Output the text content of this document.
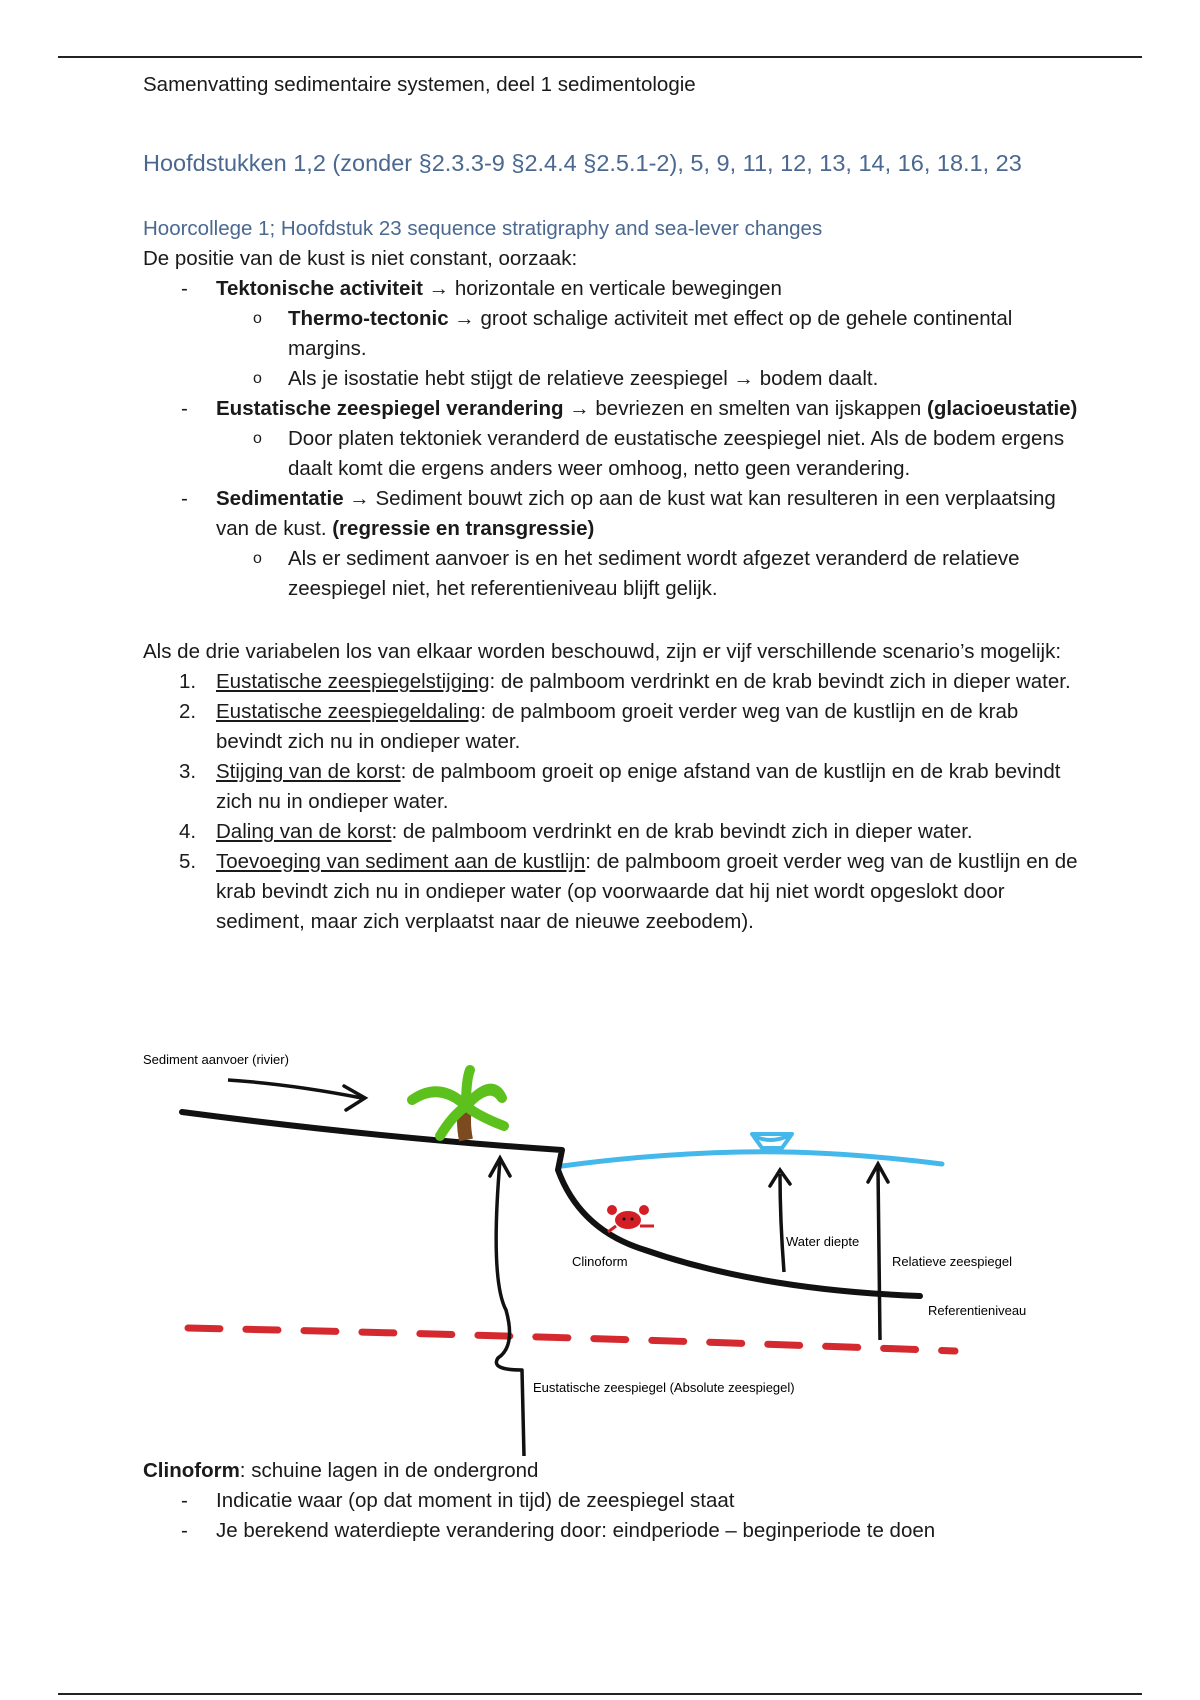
Samenvatting sedimentaire systemen, deel 1 sedimentologie

Hoofdstukken 1,2 (zonder §2.3.3-9 §2.4.4 §2.5.1-2), 5, 9, 11, 12, 13, 14, 16, 18.1, 23

Hoorcollege 1; Hoofdstuk 23 sequence stratigraphy and sea-lever changes

De positie van de kust is niet constant, oorzaak:

- Tektonische activiteit → horizontale en verticale bewegingen
o Thermo-tectonic → groot schalige activiteit met effect op de gehele continental margins.
o Als je isostatie hebt stijgt de relatieve zeespiegel → bodem daalt.
- Eustatische zeespiegel verandering → bevriezen en smelten van ijskappen (glacioeustatie)
o Door platen tektoniek veranderd de eustatische zeespiegel niet. Als de bodem ergens daalt komt die ergens anders weer omhoog, netto geen verandering.
- Sedimentatie → Sediment bouwt zich op aan de kust wat kan resulteren in een verplaatsing van de kust. (regressie en transgressie)
o Als er sediment aanvoer is en het sediment wordt afgezet veranderd de relatieve zeespiegel niet, het referentieniveau blijft gelijk.

Als de drie variabelen los van elkaar worden beschouwd, zijn er vijf verschillende scenario’s mogelijk:

1. Eustatische zeespiegelstijging: de palmboom verdrinkt en de krab bevindt zich in dieper water.
2. Eustatische zeespiegeldaling: de palmboom groeit verder weg van de kustlijn en de krab bevindt zich nu in ondieper water.
3. Stijging van de korst: de palmboom groeit op enige afstand van de kustlijn en de krab bevindt zich nu in ondieper water.
4. Daling van de korst: de palmboom verdrinkt en de krab bevindt zich in dieper water.
5. Toevoeging van sediment aan de kustlijn: de palmboom groeit verder weg van de kustlijn en de krab bevindt zich nu in ondieper water (op voorwaarde dat hij niet wordt opgeslokt door sediment, maar zich verplaatst naar de nieuwe zeebodem).
Sediment aanvoer (rivier)
Water diepte
Clinoform	Relatieve zeespiegel
Referentieniveau
Eustatische zeespiegel (Absolute zeespiegel)

Clinoform: schuine lagen in de ondergrond

- Indicatie waar (op dat moment in tijd) de zeespiegel staat
- Je berekend waterdiepte verandering door: eindperiode – beginperiode te doen
